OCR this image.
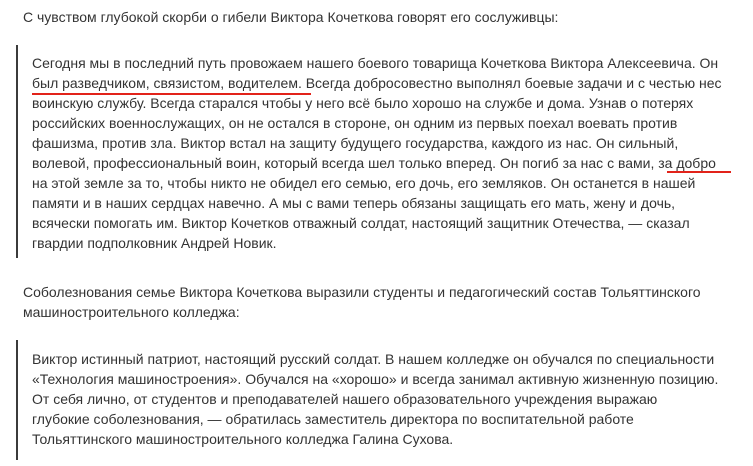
С чувством глубокой скорби о гибели Виктора Кочеткова говорят его сослуживцы:

Сегодня мы в последний путь провожаем нашего боевого товарища Кочеткова Виктора Алексеевича. Он
был разведчиком, связистом, водителем. Всегда добросовестно выполнял боевые задачи и с честью нес
воинскую службу. Всегда старался чтобы у него всё было хорошо на службе и дома. Узнав о потерях
российских военнослужащих, он не остался в стороне, он одним из первых поехал воевать против
фашизма, против зла. Виктор встал на защиту будущего государства, каждого из нас. Он сильный,
волевой, профессиональный воин, который всегда шел только вперед. Он погиб за нас с вами, за добро
на этой земле за то, чтобы никто не обидел его семью, его дочь, его земляков. Он останется в нашей
памяти и в наших сердцах навечно. А мы с вами теперь обязаны защищать его мать, жену и дочь,
всячески помогать им. Виктор Кочетков отважный солдат, настоящий защитник Отечества, — сказал
гвардии подполковник Андрей Новик.

Соболезнования семье Виктора Кочеткова выразили студенты и педагогический состав Тольяттинского
машиностроительного колледжа:

Виктор истинный патриот, настоящий русский солдат. В нашем колледже он обучался по специальности
«Технология машиностроения». Обучался на «хорошо» и всегда занимал активную жизненную позицию.
От себя лично, от студентов и преподавателей нашего образовательного учреждения выражаю
глубокие соболезнования, — обратилась заместитель директора по воспитательной работе
Тольяттинского машиностроительного колледжа Галина Сухова.
